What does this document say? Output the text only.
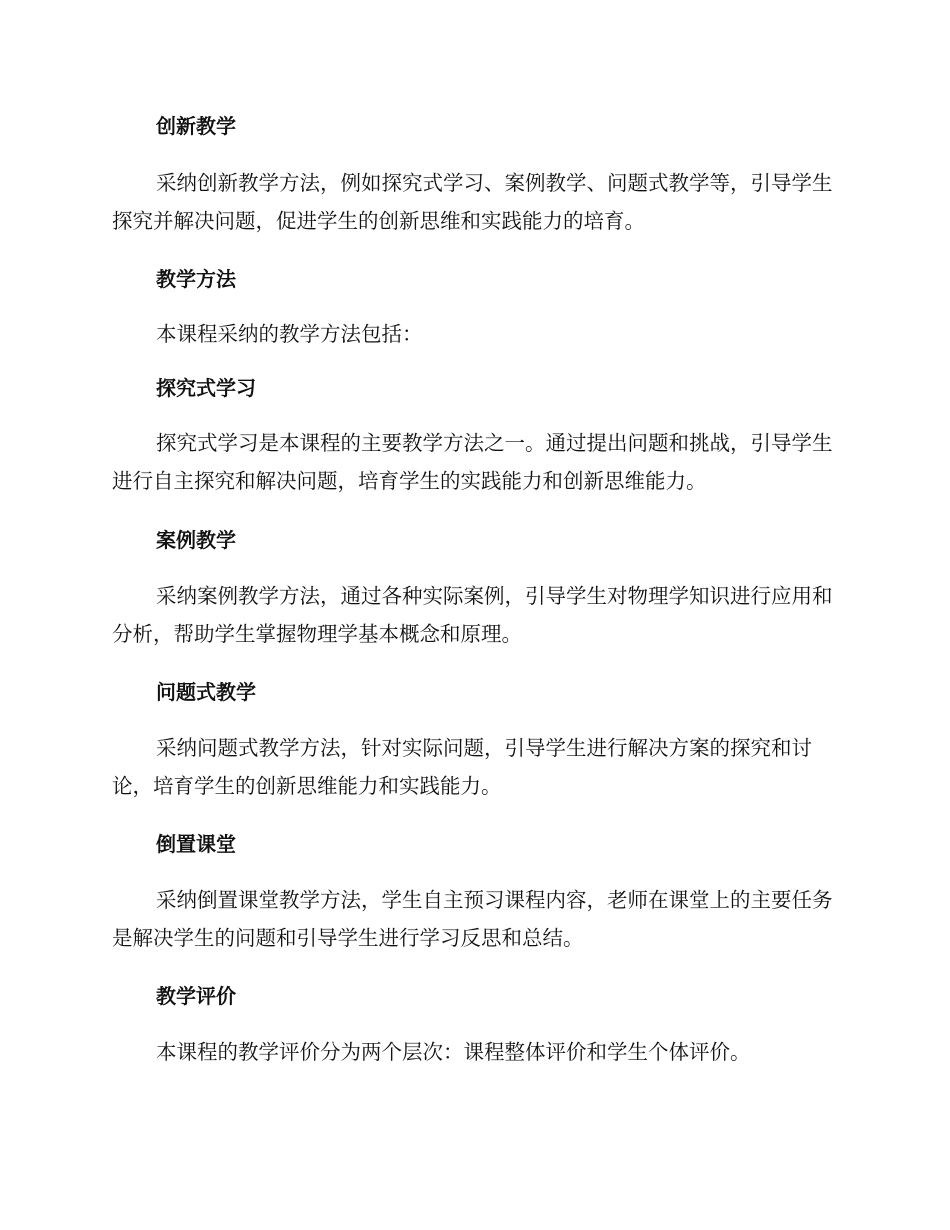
创新教学
采纳创新教学方法，例如探究式学习、案例教学、问题式教学等，引导学生探究并解决问题，促进学生的创新思维和实践能力的培育。
教学方法
本课程采纳的教学方法包括：
探究式学习
探究式学习是本课程的主要教学方法之一。通过提出问题和挑战，引导学生进行自主探究和解决问题，培育学生的实践能力和创新思维能力。
案例教学
采纳案例教学方法，通过各种实际案例，引导学生对物理学知识进行应用和分析，帮助学生掌握物理学基本概念和原理。
问题式教学
采纳问题式教学方法，针对实际问题，引导学生进行解决方案的探究和讨论，培育学生的创新思维能力和实践能力。
倒置课堂
采纳倒置课堂教学方法，学生自主预习课程内容，老师在课堂上的主要任务是解决学生的问题和引导学生进行学习反思和总结。
教学评价
本课程的教学评价分为两个层次：课程整体评价和学生个体评价。
